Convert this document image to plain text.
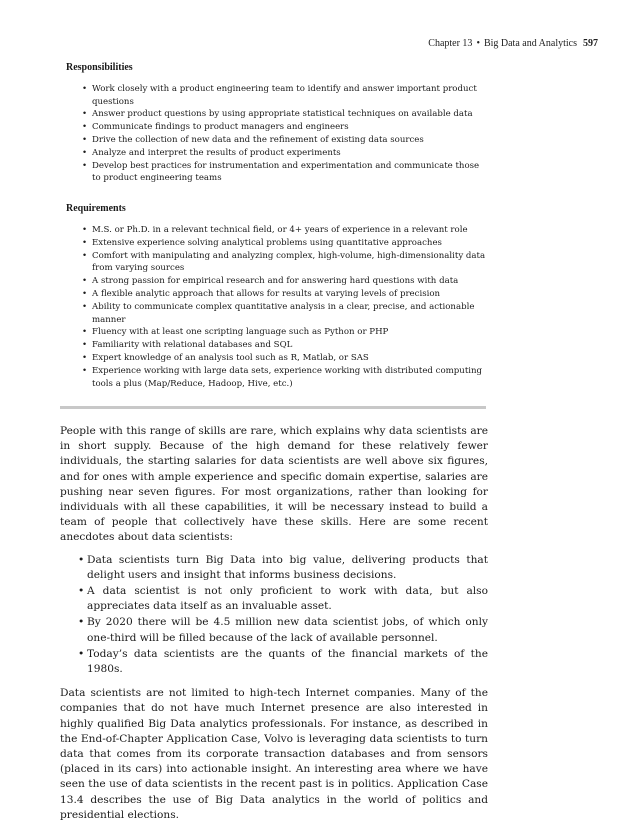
Chapter 13 • Big Data and Analytics 597
Responsibilities
• Work closely with a product engineering team to identify and answer important product questions
• Answer product questions by using appropriate statistical techniques on available data
• Communicate findings to product managers and engineers
• Drive the collection of new data and the refinement of existing data sources
• Analyze and interpret the results of product experiments
• Develop best practices for instrumentation and experimentation and communicate those to product engineering teams
Requirements
• M.S. or Ph.D. in a relevant technical field, or 4+ years of experience in a relevant role
• Extensive experience solving analytical problems using quantitative approaches
• Comfort with manipulating and analyzing complex, high-volume, high-dimensionality data from varying sources
• A strong passion for empirical research and for answering hard questions with data
• A flexible analytic approach that allows for results at varying levels of precision
• Ability to communicate complex quantitative analysis in a clear, precise, and actionable manner
• Fluency with at least one scripting language such as Python or PHP
• Familiarity with relational databases and SQL
• Expert knowledge of an analysis tool such as R, Matlab, or SAS
• Experience working with large data sets, experience working with distributed computing tools a plus (Map/Reduce, Hadoop, Hive, etc.)

People with this range of skills are rare, which explains why data scientists are in short supply. Because of the high demand for these relatively fewer individuals, the starting salaries for data scientists are well above six figures, and for ones with ample experience and specific domain expertise, salaries are pushing near seven figures. For most organizations, rather than looking for individuals with all these capabilities, it will be necessary instead to build a team of people that collectively have these skills. Here are some recent anecdotes about data scientists:

• Data scientists turn Big Data into big value, delivering products that delight users and insight that informs business decisions.
• A data scientist is not only proficient to work with data, but also appreciates data itself as an invaluable asset.
• By 2020 there will be 4.5 million new data scientist jobs, of which only one-third will be filled because of the lack of available personnel.
• Today’s data scientists are the quants of the financial markets of the 1980s.

Data scientists are not limited to high-tech Internet companies. Many of the companies that do not have much Internet presence are also interested in highly qualified Big Data analytics professionals. For instance, as described in the End-of-Chapter Application Case, Volvo is leveraging data scientists to turn data that comes from its corporate transaction databases and from sensors (placed in its cars) into actionable insight. An interesting area where we have seen the use of data scientists in the recent past is in politics. Application Case 13.4 describes the use of Big Data analytics in the world of politics and presidential elections.
